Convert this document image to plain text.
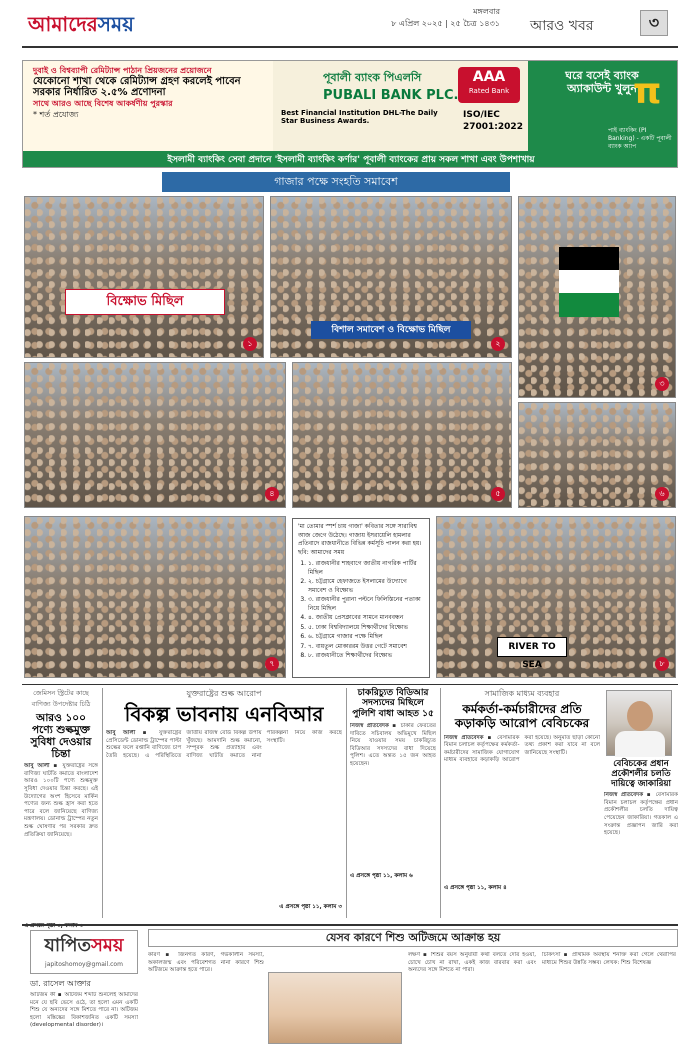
আমাদেরসময়
মঙ্গলবার
৮ এপ্রিল ২০২৫ | ২৫ চৈত্র ১৪৩১ আরও খবর	৩

দুবাই ও বিশ্বব্যাপী রেমিট্যান্স পাঠান প্রিয়জনের প্রয়োজনে

যেকোনো শাখা থেকে রেমিট্যান্স গ্রহণ করলেই পাবেন সরকার নির্ধারিত ২.৫% প্রণোদনা

সাথে আরও আছে বিশেষ আকর্ষণীয় পুরস্কার

* শর্ত প্রযোজ্য

পূবালী ব্যাংক পিএলসি
PUBALI BANK PLC.
Best Financial Institution DHL-The Daily Star Business Awards.
AAA
Rated Bank
ISO/IEC
27001:2022
ঘরে বসেই ব্যাংক অ্যাকাউন্ট খুলুন
π
পাই ব্যাংকিং (PI Banking) - একটি পূবালী ব্যাংক অ্যাপ
ইসলামী ব্যাংকিং সেবা প্রদানে 'ইসলামী ব্যাংকিং কর্ণার' পূবালী ব্যাংকের প্রায় সকল শাখা এবং উপশাখায়
গাজার পক্ষে সংহতি সমাবেশ
বিক্ষোভ মিছিল
১
বিশাল সমাবেশ ও বিক্ষোভ মিছিল
২
৩
৪	৫	৬
৭

'মা তোমার স্পর্শ চায় গাজা' কবিতার সঙ্গে সারাবিশ্ব আজ জেগে উঠেছে। গাজায় ইসরায়েলি হামলার প্রতিবাদে রাজধানীতে বিভিন্ন কর্মসূচি পালন করা হয়। ছবি: আমাদের সময়

1. ১. রাজধানীর শাহবাগে জাতীয় নাগরিক পার্টির মিছিল
2. ২. চট্টগ্রামে হেফাজতে ইসলামের উদ্যোগে সমাবেশ ও বিক্ষোভ
3. ৩. রাজধানীর পুরানা পল্টনে ফিলিস্তিনের পতাকা নিয়ে মিছিল
4. ৪. জাতীয় প্রেসক্লাবের সামনে মানববন্ধন
5. ৫. ঢাকা বিশ্ববিদ্যালয়ে শিক্ষার্থীদের বিক্ষোভ
6. ৬. চট্টগ্রামে গাজার পক্ষে মিছিল
7. ৭. বায়তুল মোকাররম উত্তর গেটে সমাবেশ
8. ৮. রাজধানীতে শিক্ষার্থীদের বিক্ষোভ
RIVER TO SEA	৮
জেমিসন স্ট্রিটের কাছে বাণিজ্য উপদেষ্টার চিঠি
আরও ১০০ পণ্যে শুল্কমুক্ত সুবিধা দেওয়ার চিন্তা
আবু আলী ▪ যুক্তরাষ্ট্রের সঙ্গে বাণিজ্য ঘাটতি কমাতে বাংলাদেশ আরও ১০০টি পণ্যে শুল্কমুক্ত সুবিধা দেওয়ার চিন্তা করছে। এই উদ্যোগের অংশ হিসেবে মার্কিন পণ্যের জন্য শুল্ক হ্রাস করা হতে পারে বলে জানিয়েছে বাণিজ্য মন্ত্রণালয়। ডোনাল্ড ট্রাম্পের নতুন শুল্ক ঘোষণার পর সরকার দ্রুত প্রতিক্রিয়া জানিয়েছে।
এ প্রসঙ্গে পৃষ্ঠা ৩, কলাম ৩
যুক্তরাষ্ট্রের শুল্ক আরোপ
বিকল্প ভাবনায় এনবিআর
আবু আলী ▪ যুক্তরাষ্ট্রের প্রেসিডেন্ট ডোনাল্ড ট্রাম্পের পাল্টা শুল্কের ফলে রপ্তানি বাণিজ্যে চাপ তৈরি হয়েছে। এ পরিস্থিতিতে জাতীয় রাজস্ব বোর্ড বিকল্প উপায় খুঁজছে। আমদানি শুল্ক কমানো, সম্পূরক শুল্ক প্রত্যাহার এবং বাণিজ্য ঘাটতি কমাতে নানা পরিকল্পনা নিয়ে কাজ করছে সংস্থাটি।
এ প্রসঙ্গে পৃষ্ঠা ১১, কলাম ৩
চাকরিচ্যুত বিডিআর সদস্যদের মিছিলে পুলিশি বাধা আহত ১৫
নিজস্ব প্রতিবেদক ▪ চাকরি ফেরতের দাবিতে সচিবালয় অভিমুখে মিছিল নিয়ে যাওয়ার সময় চাকরিচ্যুত বিডিআর সদস্যদের বাধা দিয়েছে পুলিশ। এতে অন্তত ১৫ জন আহত হয়েছেন।
এ প্রসঙ্গে পৃষ্ঠা ১১, কলাম ৬
সামাজিক মাধ্যম ব্যবহার
কর্মকর্তা-কর্মচারীদের প্রতি কড়াকড়ি আরোপ বেবিচকের
নিজস্ব প্রতিবেদক ▪ বেসামরিক বিমান চলাচল কর্তৃপক্ষের কর্মকর্তা-কর্মচারীদের সামাজিক যোগাযোগ মাধ্যম ব্যবহারে কড়াকড়ি আরোপ করা হয়েছে। অনুমতি ছাড়া কোনো তথ্য প্রকাশ করা যাবে না বলে জানিয়েছে সংস্থাটি।
এ প্রসঙ্গে পৃষ্ঠা ১১, কলাম ৪
বেবিচকের প্রধান প্রকৌশলীর চলতি দায়িত্বে জাকারিয়া
নিজস্ব প্রতিবেদক ▪ বেসামরিক বিমান চলাচল কর্তৃপক্ষের প্রধান প্রকৌশলীর চলতি দায়িত্ব পেয়েছেন জাকারিয়া। গতকাল এ সংক্রান্ত প্রজ্ঞাপন জারি করা হয়েছে।
যাপিতসময়
japitoshomoy@gmail.com
ডা. রাসেল আক্তার
যেসব কারণে শিশু অটিজমে আক্রান্ত হয়
অটিজম কী ▪ অটিজম শব্দটি শুনলেই আমাদের মনে যে ছবি ভেসে ওঠে, তা হলো এমন একটি শিশু যে অন্যদের সঙ্গে মিশতে পারে না। অটিজম হলো মস্তিষ্কের বিকাশজনিত একটি সমস্যা (developmental disorder)।
কারণ ▪ জিনগত কারণ, গর্ভকালীন সমস্যা, অকালজন্ম এবং পরিবেশগত নানা কারণে শিশু অটিজমে আক্রান্ত হতে পারে।
লক্ষণ ▪ শিশুর বয়স অনুযায়ী কথা বলতে দেরি হওয়া, চোখে চোখ না রাখা, একই কাজ বারবার করা এবং অন্যদের সঙ্গে মিশতে না পারা।
চিকিৎসা ▪ প্রাথমিক অবস্থায় শনাক্ত করা গেলে থেরাপির মাধ্যমে শিশুর উন্নতি সম্ভব। লেখক: শিশু বিশেষজ্ঞ
